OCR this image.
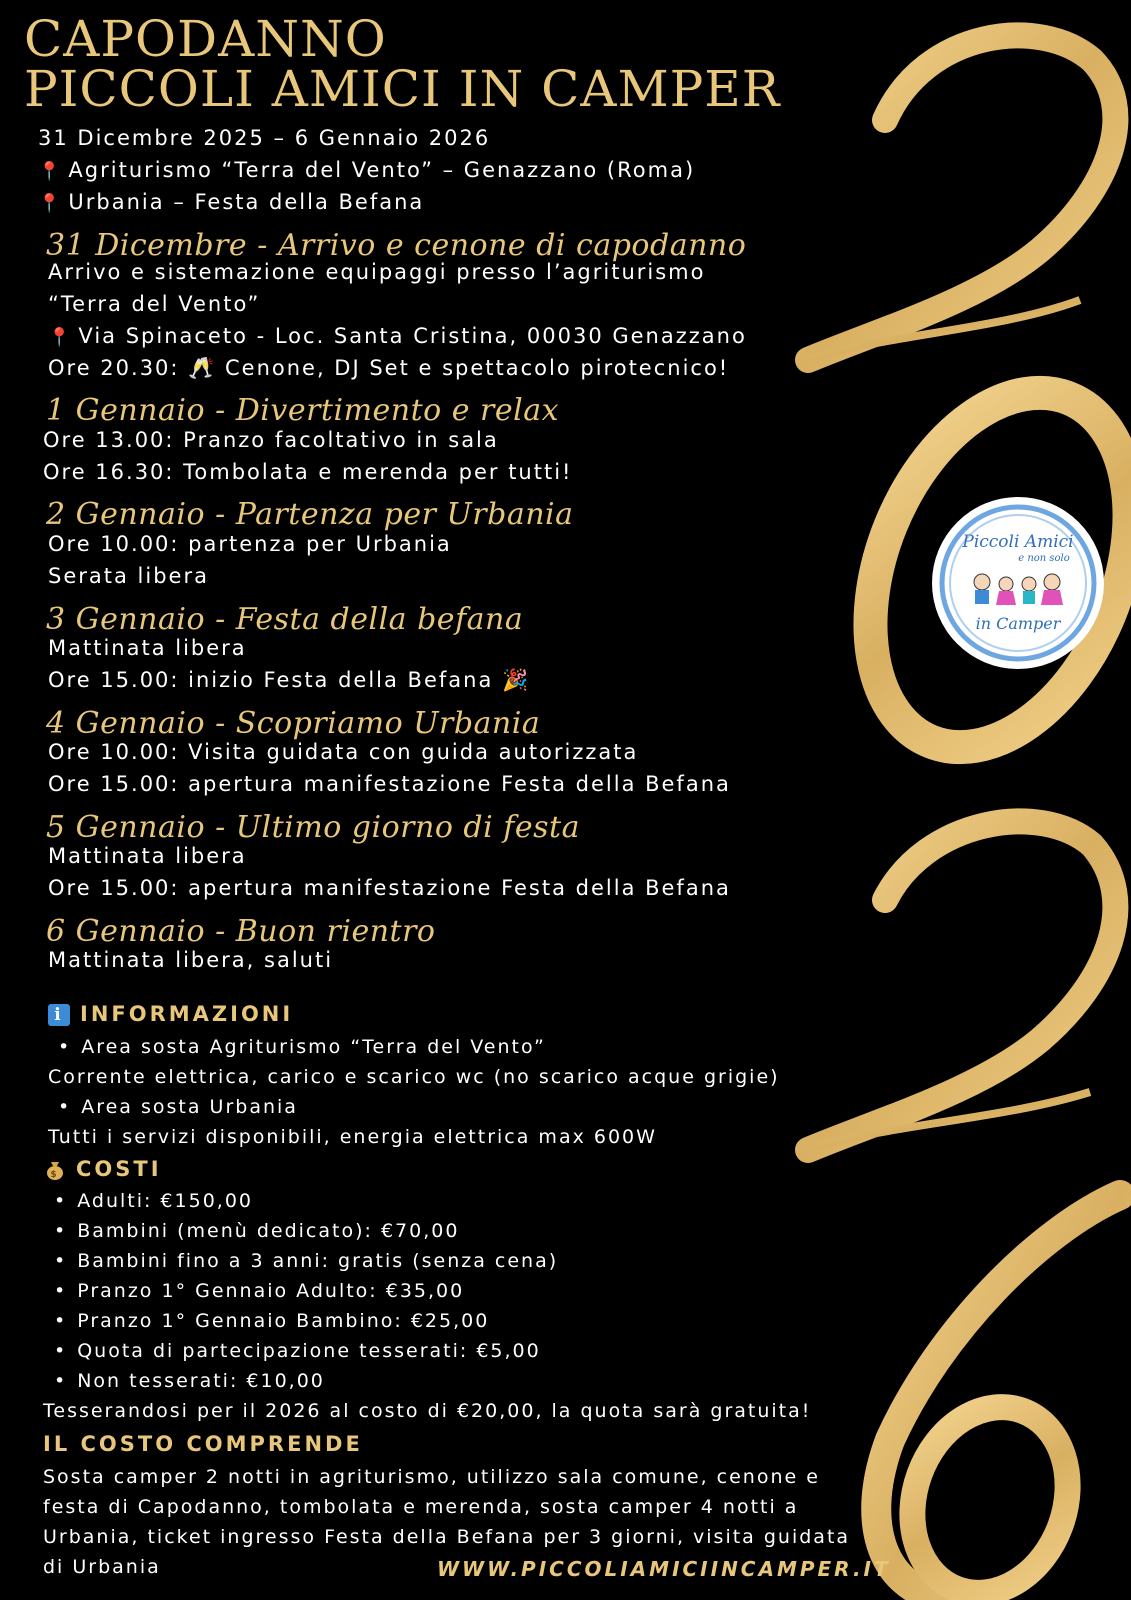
CAPODANNO
PICCOLI AMICI IN CAMPER
31 Dicembre 2025 – 6 Gennaio 2026
📍 Agriturismo “Terra del Vento” – Genazzano (Roma)
📍 Urbania – Festa della Befana
31 Dicembre - Arrivo e cenone di capodanno
Arrivo e sistemazione equipaggi presso l’agriturismo
“Terra del Vento”
📍 Via Spinaceto - Loc. Santa Cristina, 00030 Genazzano
Ore 20.30: 🥂 Cenone, DJ Set e spettacolo pirotecnico!
1 Gennaio - Divertimento e relax
Ore 13.00: Pranzo facoltativo in sala
Ore 16.30: Tombolata e merenda per tutti!
2 Gennaio - Partenza per Urbania
Ore 10.00: partenza per Urbania
Serata libera
3 Gennaio - Festa della befana
Mattinata libera
Ore 15.00: inizio Festa della Befana 🎉
4 Gennaio - Scopriamo Urbania
Ore 10.00: Visita guidata con guida autorizzata
Ore 15.00: apertura manifestazione Festa della Befana
5 Gennaio - Ultimo giorno di festa
Mattinata libera
Ore 15.00: apertura manifestazione Festa della Befana
6 Gennaio - Buon rientro
Mattinata libera, saluti
i INFORMAZIONI
• Area sosta Agriturismo “Terra del Vento”
Corrente elettrica, carico e scarico wc (no scarico acque grigie)
• Area sosta Urbania
Tutti i servizi disponibili, energia elettrica max 600W
$ COSTI
• Adulti: €150,00
• Bambini (menù dedicato): €70,00
• Bambini fino a 3 anni: gratis (senza cena)
• Pranzo 1° Gennaio Adulto: €35,00
• Pranzo 1° Gennaio Bambino: €25,00
• Quota di partecipazione tesserati: €5,00
• Non tesserati: €10,00
Tesserandosi per il 2026 al costo di €20,00, la quota sarà gratuita!
IL COSTO COMPRENDE

Sosta camper 2 notti in agriturismo, utilizzo sala comune, cenone e festa di Capodanno, tombolata e merenda, sosta camper 4 notti a Urbania, ticket ingresso Festa della Befana per 3 giorni, visita guidata di Urbania	WWW.PICCOLIAMICIINCAMPER.IT
Piccoli Amici
e non solo
in Camper
